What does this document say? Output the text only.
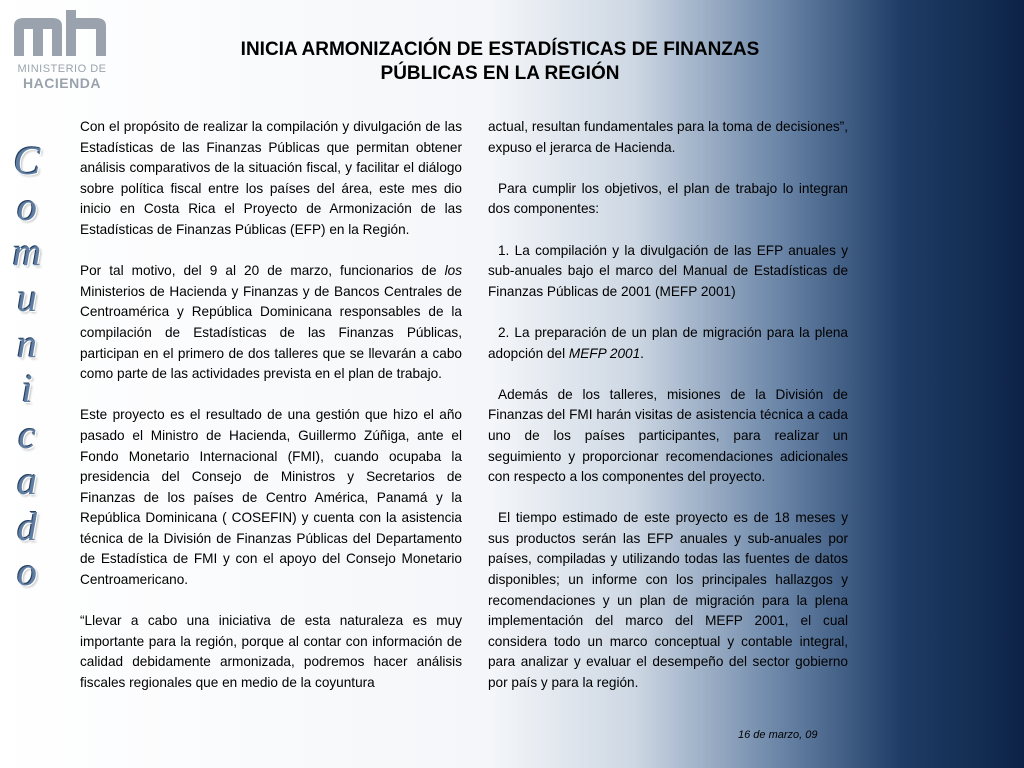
MINISTERIO DE
HACIENDA
INICIA ARMONIZACIÓN DE ESTADÍSTICAS DE FINANZAS
PÚBLICAS EN LA REGIÓN
C
o
m
u
n
i
c
a
d
o

Con el propósito de realizar la compilación y divulgación de las Estadísticas de las Finanzas Públicas que permitan obtener análisis comparativos de la situación fiscal, y facilitar el diálogo sobre política fiscal entre los países del área, este mes dio inicio en Costa Rica el Proyecto de Armonización de las Estadísticas de Finanzas Públicas (EFP) en la Región.

Por tal motivo, del 9 al 20 de marzo, funcionarios de los Ministerios de Hacienda y Finanzas y de Bancos Centrales de Centroamérica y República Dominicana responsables de la compilación de Estadísticas de las Finanzas Públicas, participan en el primero de dos talleres que se llevarán a cabo como parte de las actividades prevista en el plan de trabajo.

Este proyecto es el resultado de una gestión que hizo el año pasado el Ministro de Hacienda, Guillermo Zúñiga, ante el Fondo Monetario Internacional (FMI), cuando ocupaba la presidencia del Consejo de Ministros y Secretarios de Finanzas de los países de Centro América, Panamá y la República Dominicana ( COSEFIN) y cuenta con la asistencia técnica de la División de Finanzas Públicas del Departamento de Estadística de FMI y con el apoyo del Consejo Monetario Centroamericano.

“Llevar a cabo una iniciativa de esta naturaleza es muy importante para la región, porque al contar con información de calidad debidamente armonizada, podremos hacer análisis fiscales regionales que en medio de la coyuntura

actual, resultan fundamentales para la toma de decisiones”, expuso el jerarca de Hacienda.

Para cumplir los objetivos, el plan de trabajo lo integran dos componentes:

1. La compilación y la divulgación de las EFP anuales y sub-anuales bajo el marco del Manual de Estadísticas de Finanzas Públicas de 2001 (MEFP 2001)

2. La preparación de un plan de migración para la plena adopción del MEFP 2001.

Además de los talleres, misiones de la División de Finanzas del FMI harán visitas de asistencia técnica a cada uno de los países participantes, para realizar un seguimiento y proporcionar recomendaciones adicionales con respecto a los componentes del proyecto.

El tiempo estimado de este proyecto es de 18 meses y sus productos serán las EFP anuales y sub-anuales por países, compiladas y utilizando todas las fuentes de datos disponibles; un informe con los principales hallazgos y recomendaciones y un plan de migración para la plena implementación del marco del MEFP 2001, el cual considera todo un marco conceptual y contable integral, para analizar y evaluar el desempeño del sector gobierno por país y para la región.

16 de marzo, 09
